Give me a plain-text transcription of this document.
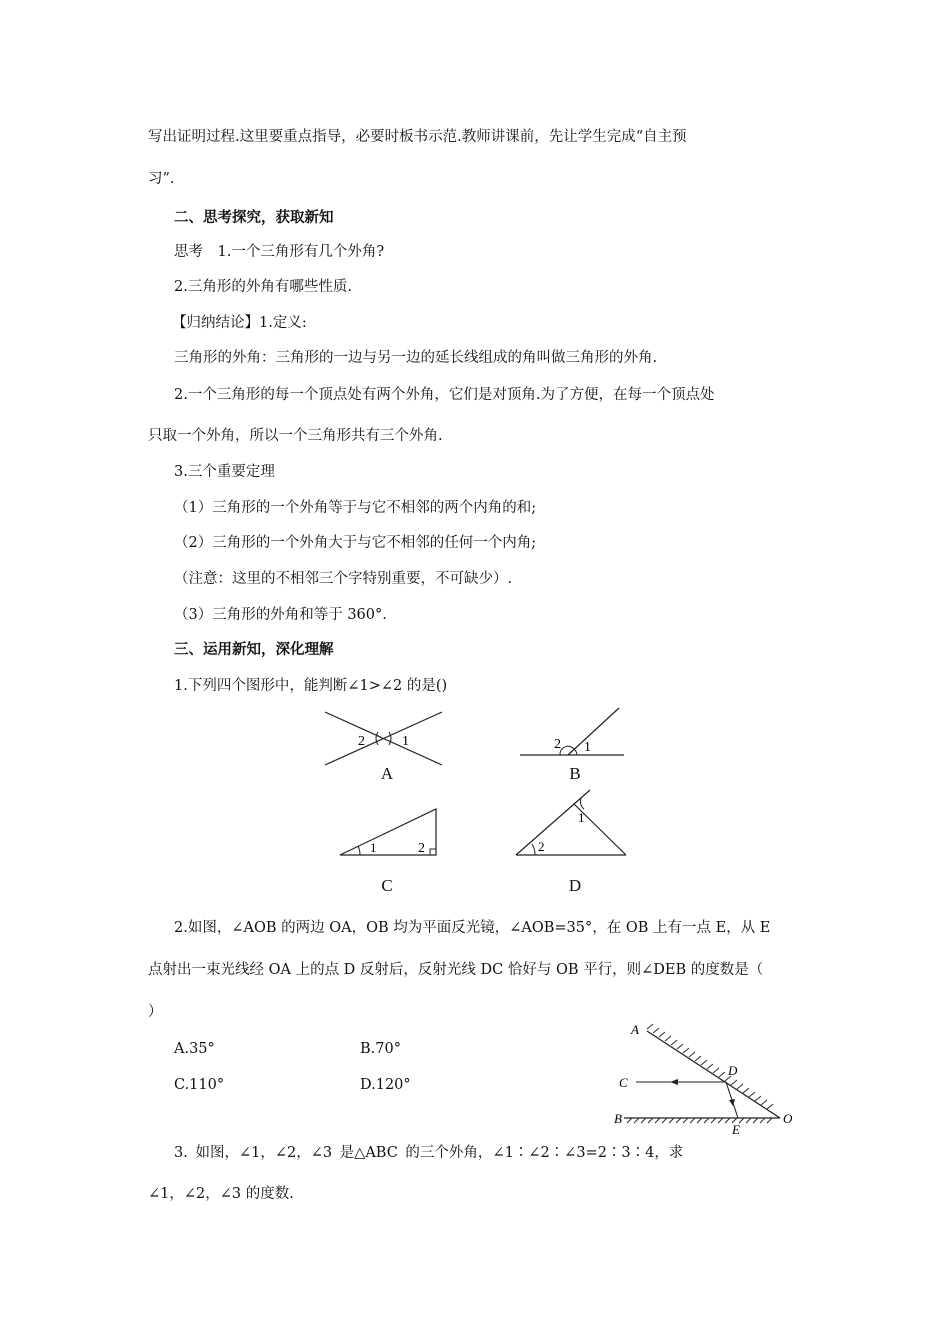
写出证明过程.这里要重点指导，必要时板书示范.教师讲课前，先让学生完成“自主预
习”.
二、思考探究，获取新知
思考　1.一个三角形有几个外角?
2.三角形的外角有哪些性质.
【归纳结论】1.定义:
三角形的外角：三角形的一边与另一边的延长线组成的角叫做三角形的外角.
2.一个三角形的每一个顶点处有两个外角，它们是对顶角.为了方便，在每一个顶点处
只取一个外角，所以一个三角形共有三个外角.
3.三个重要定理
（1）三角形的一个外角等于与它不相邻的两个内角的和;
（2）三角形的一个外角大于与它不相邻的任何一个内角;
（注意：这里的不相邻三个字特别重要，不可缺少）.
（3）三角形的外角和等于 360°.
三、运用新知，深化理解
1.下列四个图形中，能判断∠1>∠2 的是()
2	1
A
2 1
B
1	2
C
1
2
D
2.如图，∠AOB 的两边 OA，OB 均为平面反光镜，∠AOB=35°，在 OB 上有一点 E，从 E
点射出一束光线经 OA 上的点 D 反射后，反射光线 DC 恰好与 OB 平行，则∠DEB 的度数是（
）
A.35°	B.70°
C.110°	D.120°
A
C
D
B
E
O
3. 如图，∠1，∠2，∠3 是△ABC 的三个外角，∠1∶∠2∶∠3=2∶3∶4，求
∠1，∠2，∠3 的度数.
